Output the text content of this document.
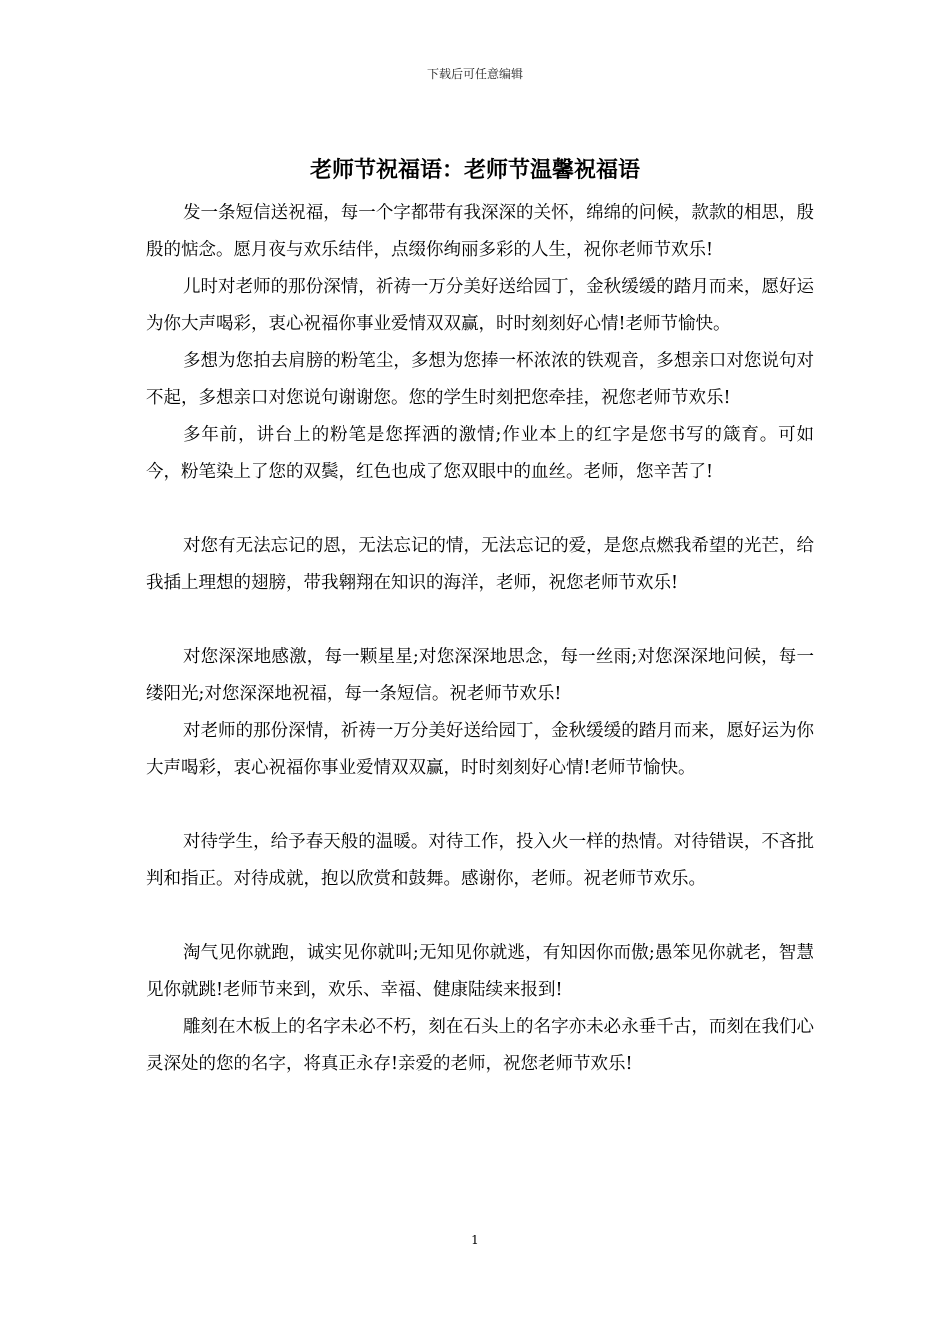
下载后可任意编辑
老师节祝福语：老师节温馨祝福语

发一条短信送祝福，每一个字都带有我深深的关怀，绵绵的问候，款款的相思，殷殷的惦念。愿月夜与欢乐结伴，点缀你绚丽多彩的人生，祝你老师节欢乐!

儿时对老师的那份深情，祈祷一万分美好送给园丁，金秋缓缓的踏月而来，愿好运为你大声喝彩，衷心祝福你事业爱情双双赢，时时刻刻好心情!老师节愉快。

多想为您拍去肩膀的粉笔尘，多想为您捧一杯浓浓的铁观音，多想亲口对您说句对不起，多想亲口对您说句谢谢您。您的学生时刻把您牵挂，祝您老师节欢乐!

多年前，讲台上的粉笔是您挥洒的激情;作业本上的红字是您书写的箴育。可如今，粉笔染上了您的双鬓，红色也成了您双眼中的血丝。老师，您辛苦了!

对您有无法忘记的恩，无法忘记的情，无法忘记的爱，是您点燃我希望的光芒，给我插上理想的翅膀，带我翱翔在知识的海洋，老师，祝您老师节欢乐!

对您深深地感激，每一颗星星;对您深深地思念，每一丝雨;对您深深地问候，每一缕阳光;对您深深地祝福，每一条短信。祝老师节欢乐!

对老师的那份深情，祈祷一万分美好送给园丁，金秋缓缓的踏月而来，愿好运为你大声喝彩，衷心祝福你事业爱情双双赢，时时刻刻好心情!老师节愉快。

对待学生，给予春天般的温暖。对待工作，投入火一样的热情。对待错误，不吝批判和指正。对待成就，抱以欣赏和鼓舞。感谢你，老师。祝老师节欢乐。

淘气见你就跑，诚实见你就叫;无知见你就逃，有知因你而傲;愚笨见你就老，智慧见你就跳!老师节来到，欢乐、幸福、健康陆续来报到!

雕刻在木板上的名字未必不朽，刻在石头上的名字亦未必永垂千古，而刻在我们心灵深处的您的名字，将真正永存!亲爱的老师，祝您老师节欢乐!

1
